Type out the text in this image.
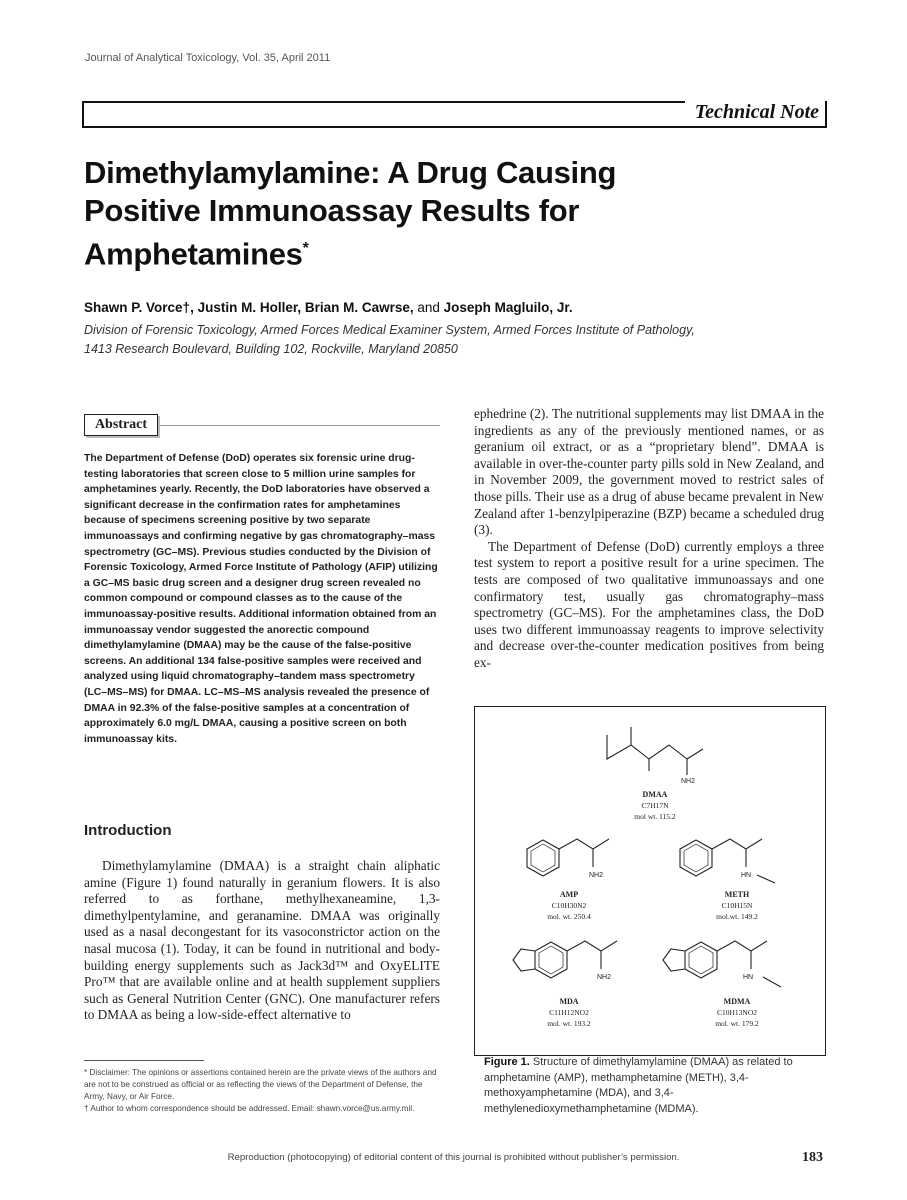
Journal of Analytical Toxicology, Vol. 35, April 2011
Technical Note
Dimethylamylamine: A Drug Causing
Positive Immunoassay Results for Amphetamines*
Shawn P. Vorce†, Justin M. Holler, Brian M. Cawrse, and Joseph Magluilo, Jr.
Division of Forensic Toxicology, Armed Forces Medical Examiner System, Armed Forces Institute of Pathology,
1413 Research Boulevard, Building 102, Rockville, Maryland 20850
Abstract
The Department of Defense (DoD) operates six forensic urine drug-testing laboratories that screen close to 5 million urine samples for amphetamines yearly. Recently, the DoD laboratories have observed a significant decrease in the confirmation rates for amphetamines because of specimens screening positive by two separate immunoassays and confirming negative by gas chromatography–mass spectrometry (GC–MS). Previous studies conducted by the Division of Forensic Toxicology, Armed Force Institute of Pathology (AFIP) utilizing a GC–MS basic drug screen and a designer drug screen revealed no common compound or compound classes as to the cause of the immunoassay-positive results. Additional information obtained from an immunoassay vendor suggested the anorectic compound dimethylamylamine (DMAA) may be the cause of the false-positive screens. An additional 134 false-positive samples were received and analyzed using liquid chromatography–tandem mass spectrometry (LC–MS–MS) for DMAA. LC–MS–MS analysis revealed the presence of DMAA in 92.3% of the false-positive samples at a concentration of approximately 6.0 mg/L DMAA, causing a positive screen on both immunoassay kits.
Introduction
Dimethylamylamine (DMAA) is a straight chain aliphatic amine (Figure 1) found naturally in geranium flowers. It is also referred to as forthane, methylhexaneamine, 1,3-dimethylpentylamine, and geranamine. DMAA was originally used as a nasal decongestant for its vasoconstrictor action on the nasal mucosa (1). Today, it can be found in nutritional and body-building energy supplements such as Jack3d™ and OxyELITE Pro™ that are available online and at health supplement suppliers such as General Nutrition Center (GNC). One manufacturer refers to DMAA as being a low-side-effect alternative to

* Disclaimer: The opinions or assertions contained herein are the private views of the authors and are not to be construed as official or as reflecting the views of the Department of Defense, the Army, Navy, or Air Force.

† Author to whom correspondence should be addressed. Email: shawn.vorce@us.army.mil.

ephedrine (2). The nutritional supplements may list DMAA in the ingredients as any of the previously mentioned names, or as geranium oil extract, or as a “proprietary blend”. DMAA is available in over-the-counter party pills sold in New Zealand, and in November 2009, the government moved to restrict sales of those pills. Their use as a drug of abuse became prevalent in New Zealand after 1-benzylpiperazine (BZP) became a scheduled drug (3).

The Department of Defense (DoD) currently employs a three test system to report a positive result for a urine specimen. The tests are composed of two qualitative immunoassays and one confirmatory test, usually gas chromatography–mass spectrometry (GC–MS). For the amphetamines class, the DoD uses two different immunoassay reagents to improve selectivity and decrease over-the-counter medication positives from being ex-

NH2
NH2	HN
NH2	HN
DMAA
C7H17N
mol wt. 115.2
AMP
C10H30N2
mol. wt. 250.4
METH
C10H15N
mol.wt. 149.2
MDA
C11H12NO2
mol. wt. 193.2
MDMA
C10H13NO2
mol. wt. 179.2
Figure 1. Structure of dimethylamylamine (DMAA) as related to amphetamine (AMP), methamphetamine (METH), 3,4-methoxyamphetamine (MDA), and 3,4-methylenedioxymethamphetamine (MDMA).
Reproduction (photocopying) of editorial content of this journal is prohibited without publisher’s permission.	183
